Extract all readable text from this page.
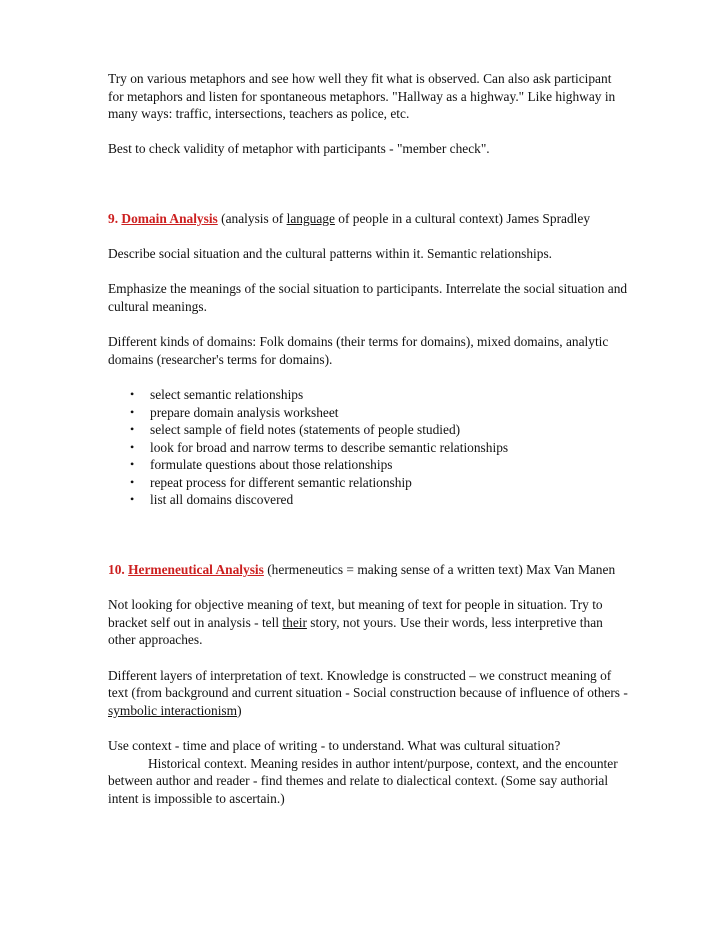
Try on various metaphors and see how well they fit what is observed. Can also ask participant for metaphors and listen for spontaneous metaphors. "Hallway as a highway." Like highway in many ways: traffic, intersections, teachers as police, etc.

Best to check validity of metaphor with participants - "member check".

9. Domain Analysis (analysis of language of people in a cultural context) James Spradley

Describe social situation and the cultural patterns within it. Semantic relationships.

Emphasize the meanings of the social situation to participants. Interrelate the social situation and cultural meanings.

Different kinds of domains: Folk domains (their terms for domains), mixed domains, analytic domains (researcher's terms for domains).

• select semantic relationships
• prepare domain analysis worksheet
• select sample of field notes (statements of people studied)
• look for broad and narrow terms to describe semantic relationships
• formulate questions about those relationships
• repeat process for different semantic relationship
• list all domains discovered

10. Hermeneutical Analysis (hermeneutics = making sense of a written text) Max Van Manen

Not looking for objective meaning of text, but meaning of text for people in situation. Try to bracket self out in analysis - tell their story, not yours. Use their words, less interpretive than other approaches.

Different layers of interpretation of text. Knowledge is constructed – we construct meaning of text (from background and current situation - Social construction because of influence of others - symbolic interactionism)

Use context - time and place of writing - to understand. What was cultural situation?
Historical context. Meaning resides in author intent/purpose, context, and the encounter between author and reader - find themes and relate to dialectical context. (Some say authorial intent is impossible to ascertain.)
